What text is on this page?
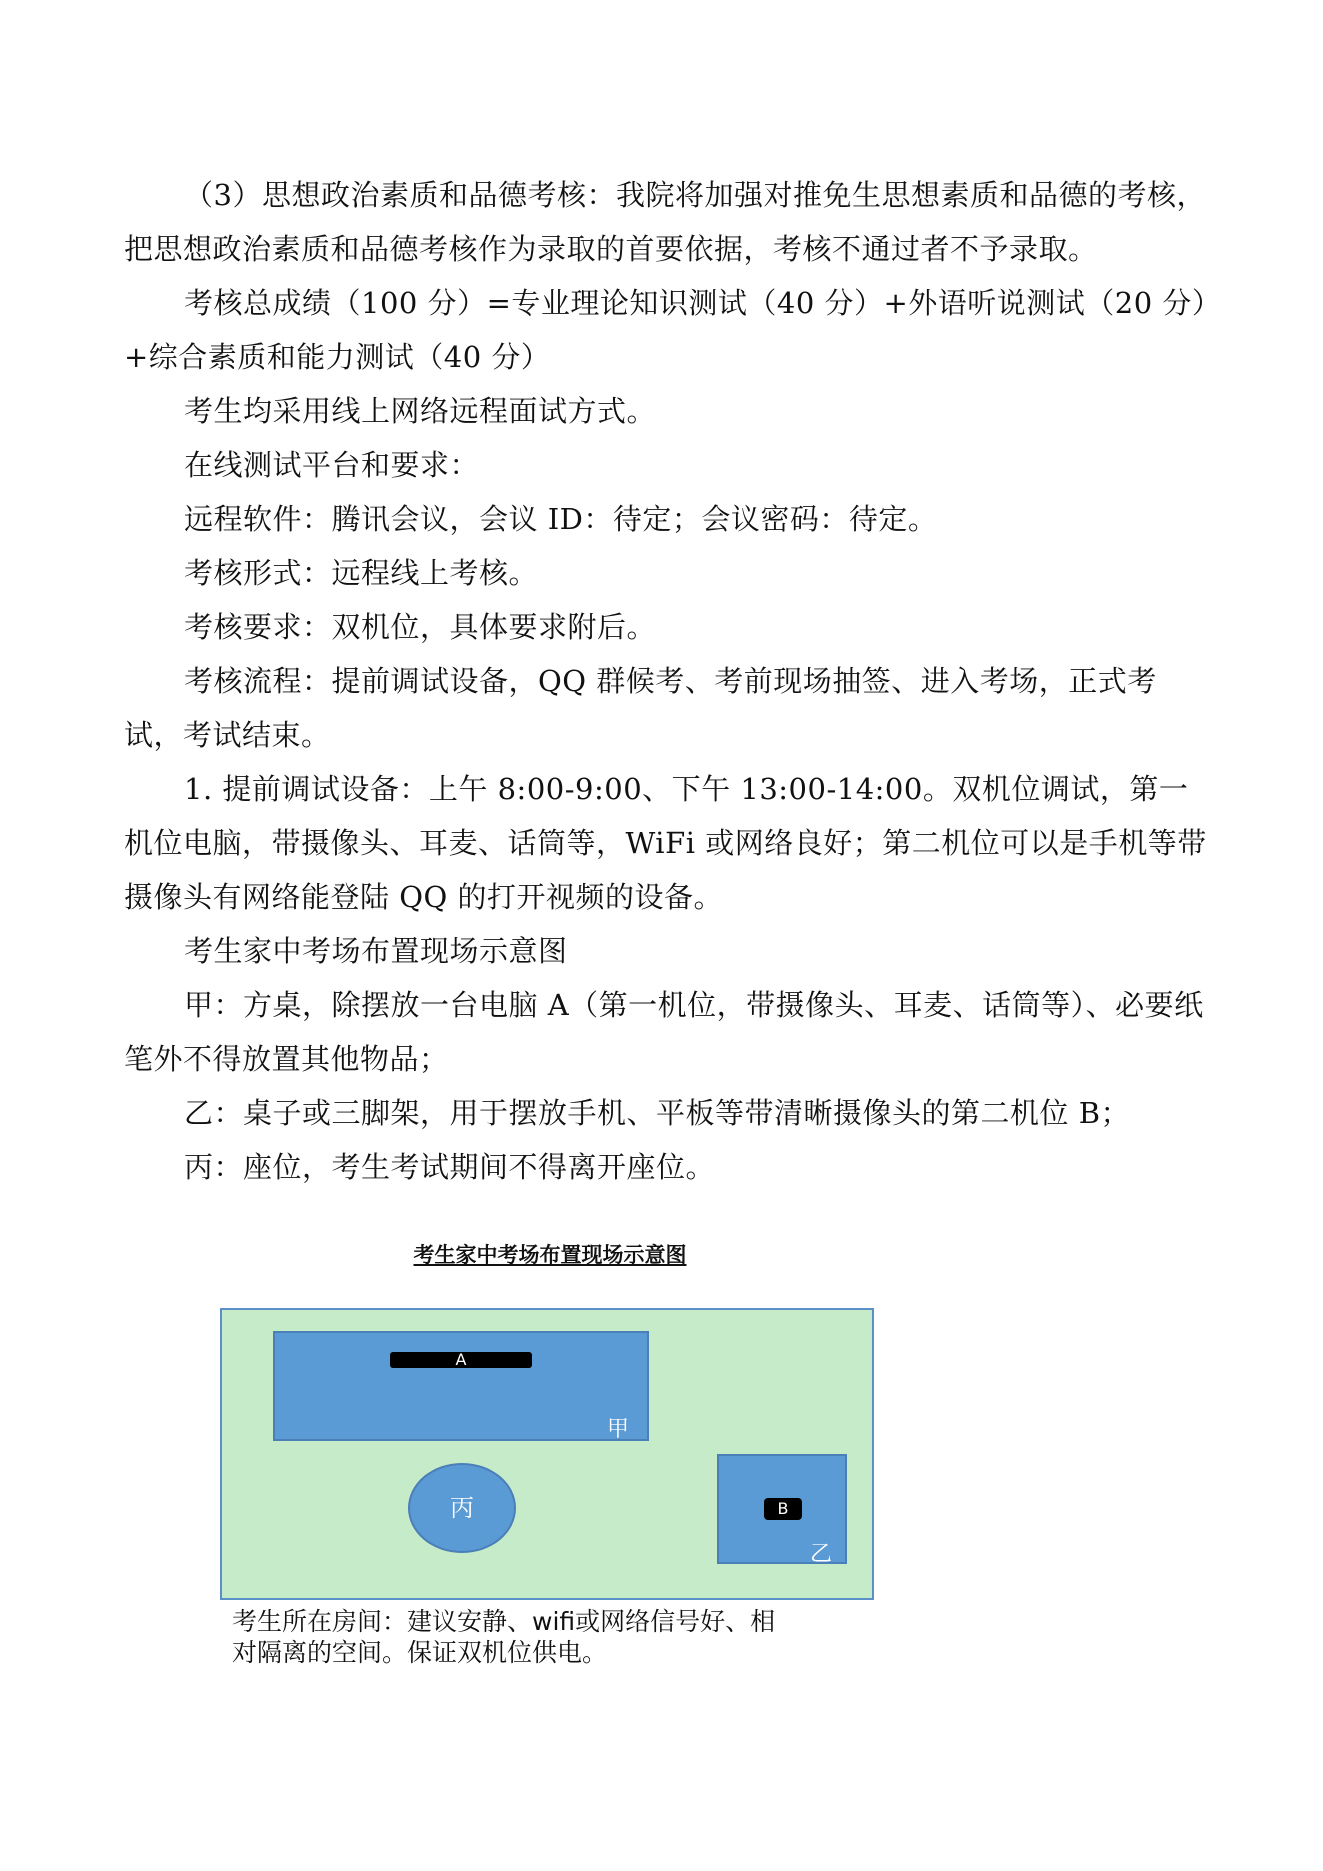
（3）思想政治素质和品德考核：我院将加强对推免生思想素质和品德的考核，把思想政治素质和品德考核作为录取的首要依据，考核不通过者不予录取。

考核总成绩（100 分）=专业理论知识测试（40 分）+外语听说测试（20 分）+综合素质和能力测试（40 分）

考生均采用线上网络远程面试方式。

在线测试平台和要求：

远程软件：腾讯会议，会议 ID：待定；会议密码：待定。

考核形式：远程线上考核。

考核要求：双机位，具体要求附后。

考核流程：提前调试设备，QQ 群候考、考前现场抽签、进入考场，正式考试，考试结束。

1. 提前调试设备：上午 8:00-9:00、下午 13:00-14:00。双机位调试，第一机位电脑，带摄像头、耳麦、话筒等，WiFi 或网络良好；第二机位可以是手机等带摄像头有网络能登陆 QQ 的打开视频的设备。

考生家中考场布置现场示意图

甲：方桌，除摆放一台电脑 A（第一机位，带摄像头、耳麦、话筒等）、必要纸笔外不得放置其他物品；

乙：桌子或三脚架，用于摆放手机、平板等带清晰摄像头的第二机位 B；

丙：座位，考生考试期间不得离开座位。

考生家中考场布置现场示意图
A
甲
丙	B
乙
考生所在房间：建议安静、wifi或网络信号好、相
对隔离的空间。保证双机位供电。
